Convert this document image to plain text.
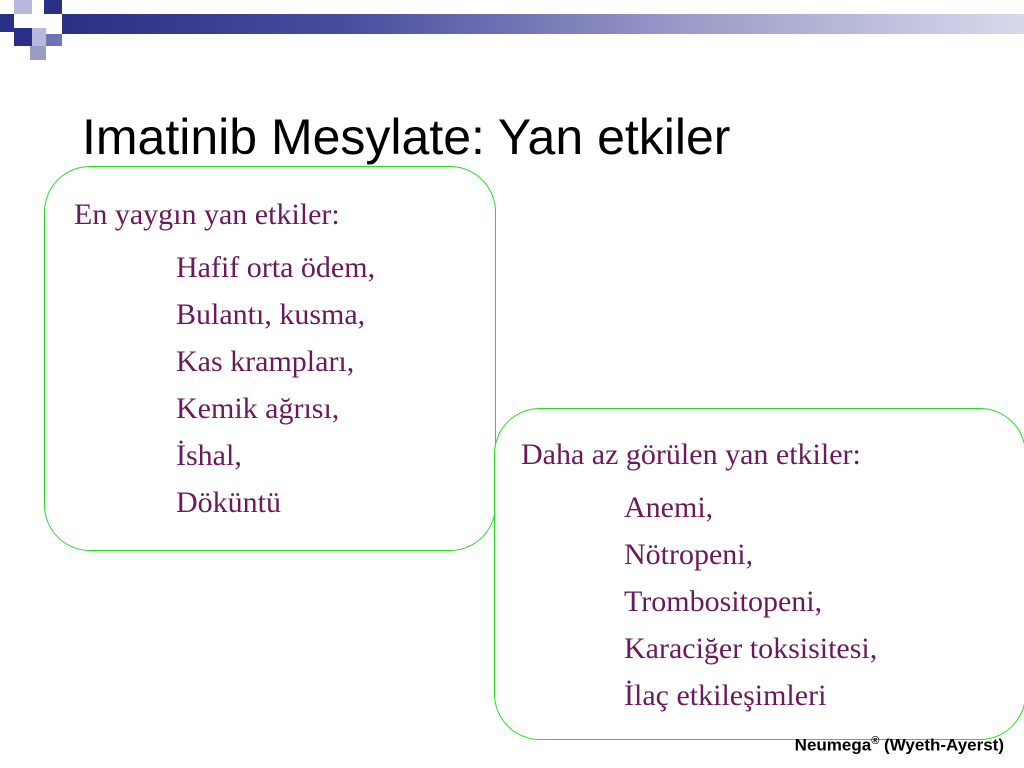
Imatinib Mesylate: Yan etkiler
En yaygın yan etkiler:
Hafif orta ödem,
Bulantı, kusma,
Kas krampları,
Kemik ağrısı,
İshal,
Döküntü
Daha az görülen yan etkiler:
Anemi,
Nötropeni,
Trombositopeni,
Karaciğer toksisitesi,
İlaç etkileşimleri
Neumega® (Wyeth-Ayerst)
